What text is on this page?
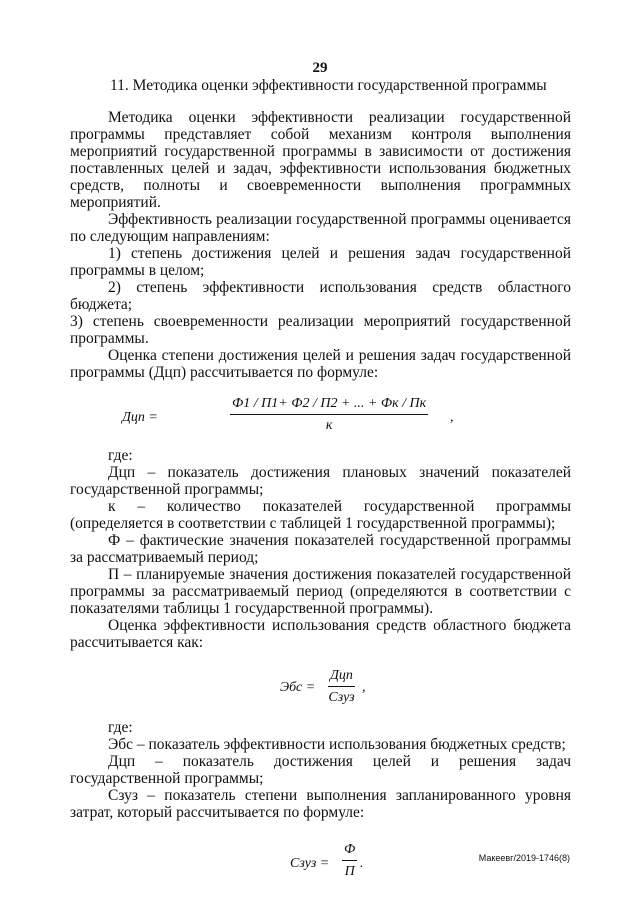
29
11. Методика оценки эффективности государственной программы

Методика оценки эффективности реализации государственной программы представляет собой механизм контроля выполнения мероприятий государственной программы в зависимости от достижения поставленных целей и задач, эффективности использования бюджетных средств, полноты и своевременности выполнения программных мероприятий.

Эффективность реализации государственной программы оценивается по следующим направлениям:

1) степень достижения целей и решения задач государственной программы в целом;

2) степень эффективности использования средств областного бюджета;

3) степень своевременности реализации мероприятий государственной программы.

Оценка степени достижения целей и решения задач государственной программы (Дцп) рассчитывается по формуле:

Дцп =
Ф1 / П1+ Ф2 / П2 + ... + Фк / Пк
к
,

где:

Дцп – показатель достижения плановых значений показателей государственной программы;

к – количество показателей государственной программы (определяется в соответствии с таблицей 1 государственной программы);

Ф – фактические значения показателей государственной программы за рассматриваемый период;

П – планируемые значения достижения показателей государственной программы за рассматриваемый период (определяются в соответствии с показателями таблицы 1 государственной программы).

Оценка эффективности использования средств областного бюджета рассчитывается как:

Эбс =
Дцп
Сзуз
,

где:

Эбс – показатель эффективности использования бюджетных средств;

Дцп – показатель достижения целей и решения задач государственной программы;

Сзуз – показатель степени выполнения запланированного уровня затрат, который рассчитывается по формуле:

Сзуз =
Ф
П
.	Макеевг/2019-1746(8)
